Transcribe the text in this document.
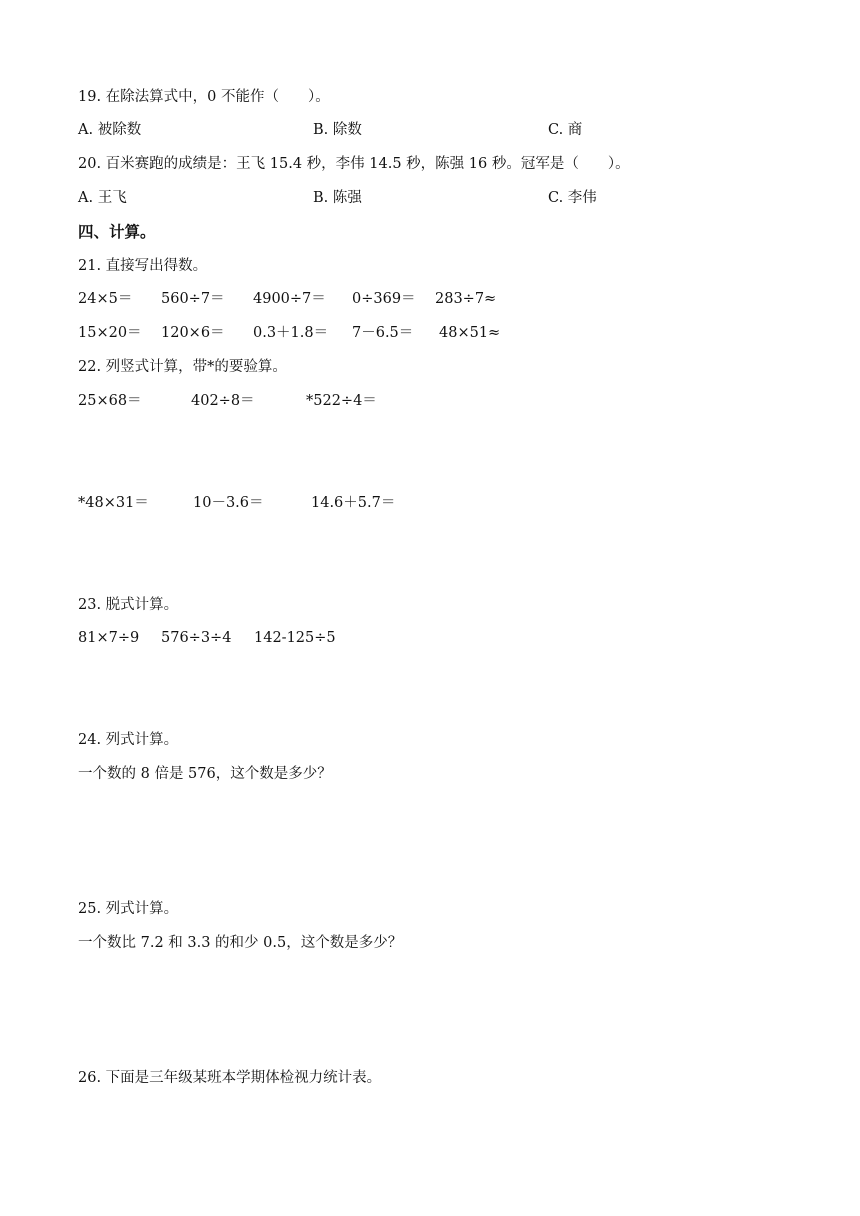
19. 在除法算式中，0 不能作（　　）。
A. 被除数	B. 除数	C. 商
20. 百米赛跑的成绩是：王飞 15.4 秒，李伟 14.5 秒，陈强 16 秒。冠军是（　　）。
A. 王飞	B. 陈强	C. 李伟
四、计算。
21. 直接写出得数。
24×5＝ 560÷7＝ 4900÷7＝ 0÷369＝ 283÷7≈
15×20＝ 120×6＝ 0.3＋1.8＝ 7－6.5＝ 48×51≈
22. 列竖式计算，带*的要验算。
25×68＝	402÷8＝	*522÷4＝
*48×31＝	10－3.6＝	14.6＋5.7＝
23. 脱式计算。
81×7÷9 576÷3÷4 142-125÷5
24. 列式计算。
一个数的 8 倍是 576，这个数是多少？
25. 列式计算。
一个数比 7.2 和 3.3 的和少 0.5，这个数是多少？
26. 下面是三年级某班本学期体检视力统计表。
